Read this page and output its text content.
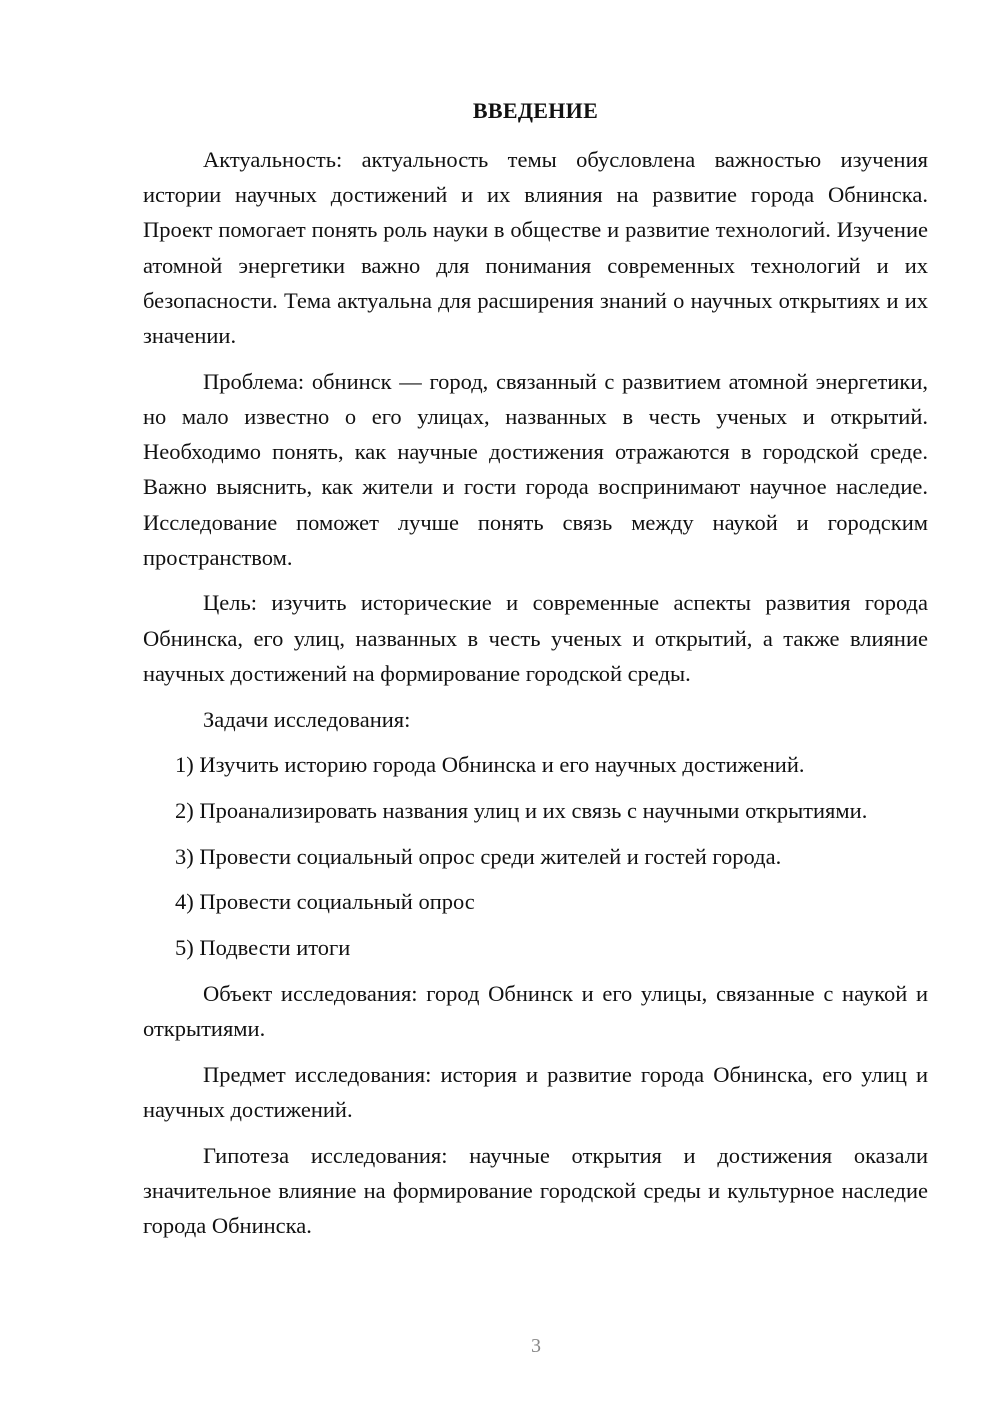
ВВЕДЕНИЕ

Актуальность: актуальность темы обусловлена важностью изучения истории научных достижений и их влияния на развитие города Обнинска. Проект помогает понять роль науки в обществе и развитие технологий. Изучение атомной энергетики важно для понимания современных технологий и их безопасности. Тема актуальна для расширения знаний о научных открытиях и их значении.

Проблема: обнинск — город, связанный с развитием атомной энергетики, но мало известно о его улицах, названных в честь ученых и открытий. Необходимо понять, как научные достижения отражаются в городской среде. Важно выяснить, как жители и гости города воспринимают научное наследие. Исследование поможет лучше понять связь между наукой и городским пространством.

Цель: изучить исторические и современные аспекты развития города Обнинска, его улиц, названных в честь ученых и открытий, а также влияние научных достижений на формирование городской среды.

Задачи исследования:

1) Изучить историю города Обнинска и его научных достижений.

2) Проанализировать названия улиц и их связь с научными открытиями.

3) Провести социальный опрос среди жителей и гостей города.

4) Провести социальный опрос

5) Подвести итоги

Объект исследования: город Обнинск и его улицы, связанные с наукой и открытиями.

Предмет исследования: история и развитие города Обнинска, его улиц и научных достижений.

Гипотеза исследования: научные открытия и достижения оказали значительное влияние на формирование городской среды и культурное наследие города Обнинска.

3
